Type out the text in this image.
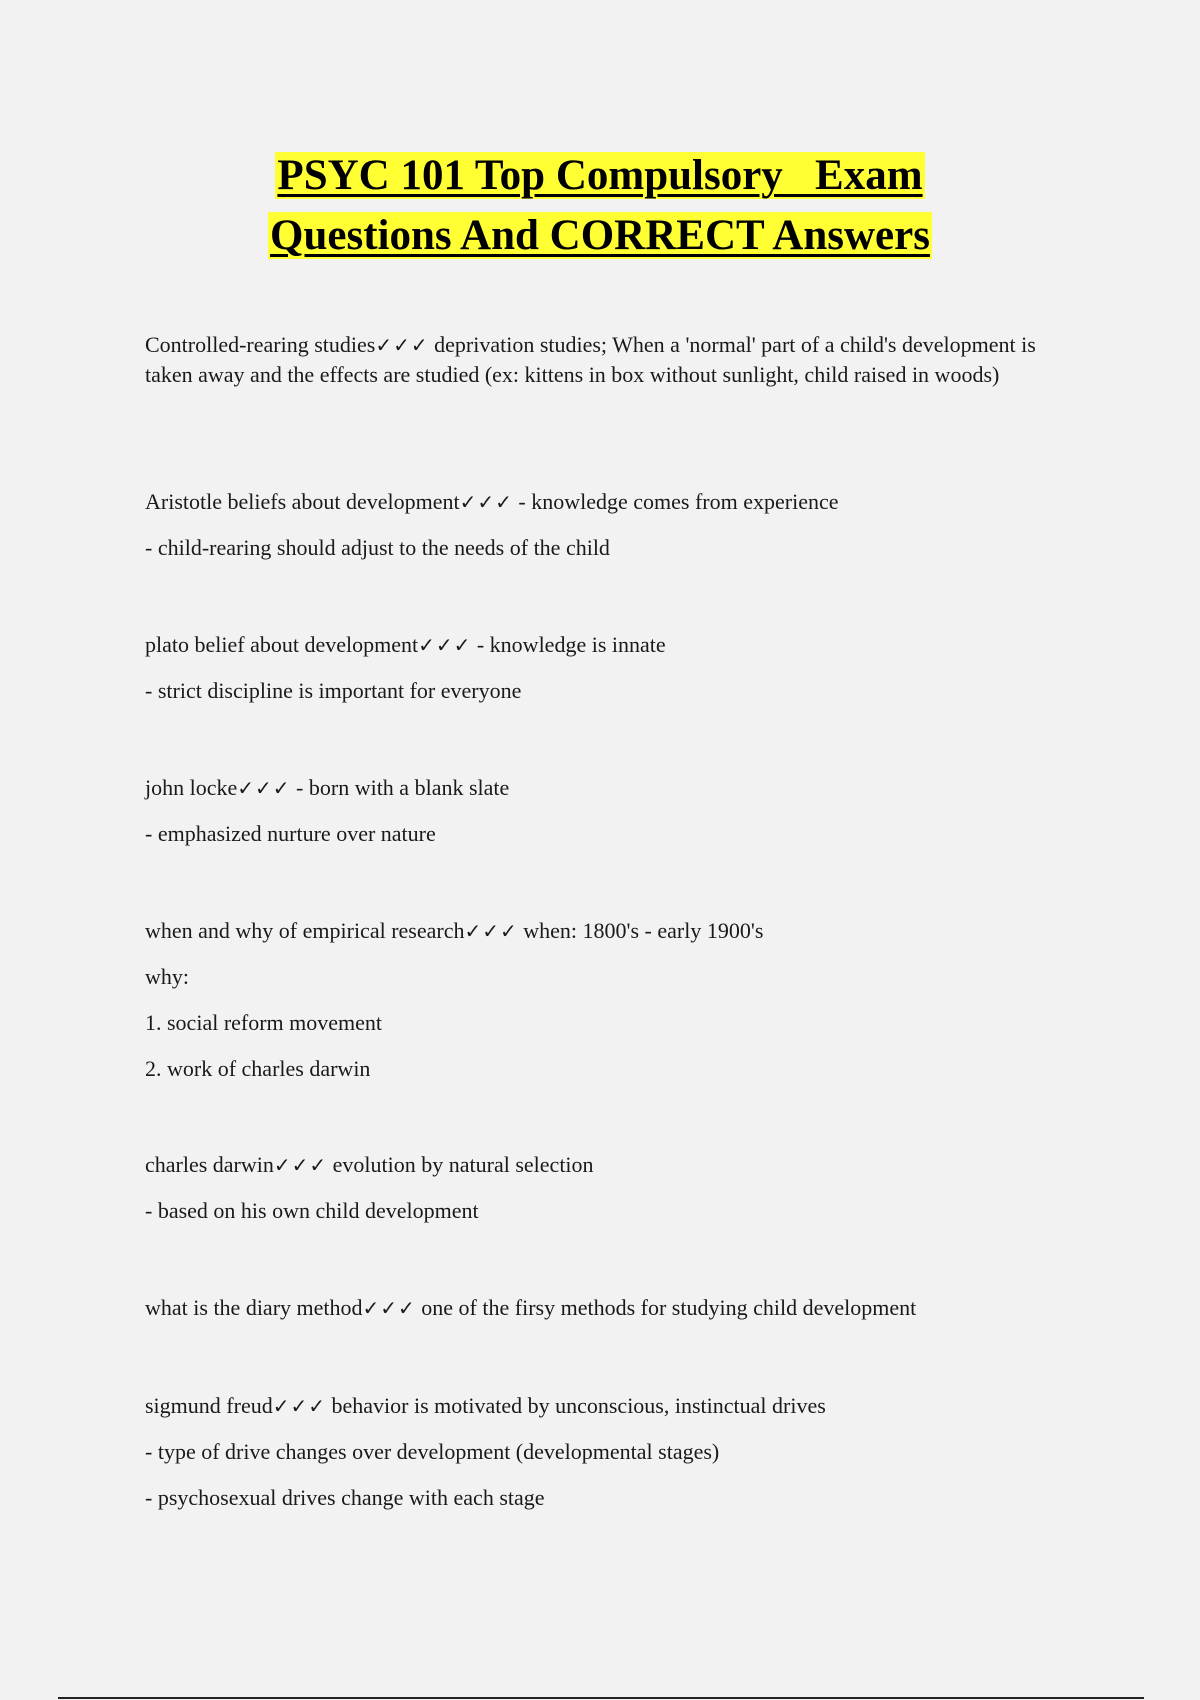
PSYC 101 Top Compulsory   Exam
Questions And CORRECT Answers

Controlled-rearing studies✓✓✓ deprivation studies; When a 'normal' part of a child's development is taken away and the effects are studied (ex: kittens in box without sunlight, child raised in woods)

Aristotle beliefs about development✓✓✓ - knowledge comes from experience

- child-rearing should adjust to the needs of the child

plato belief about development✓✓✓ - knowledge is innate

- strict discipline is important for everyone

john locke✓✓✓ - born with a blank slate

- emphasized nurture over nature

when and why of empirical research✓✓✓ when: 1800's - early 1900's

why:

1. social reform movement

2. work of charles darwin

charles darwin✓✓✓ evolution by natural selection

- based on his own child development

what is the diary method✓✓✓ one of the firsy methods for studying child development

sigmund freud✓✓✓ behavior is motivated by unconscious, instinctual drives

- type of drive changes over development (developmental stages)

- psychosexual drives change with each stage
